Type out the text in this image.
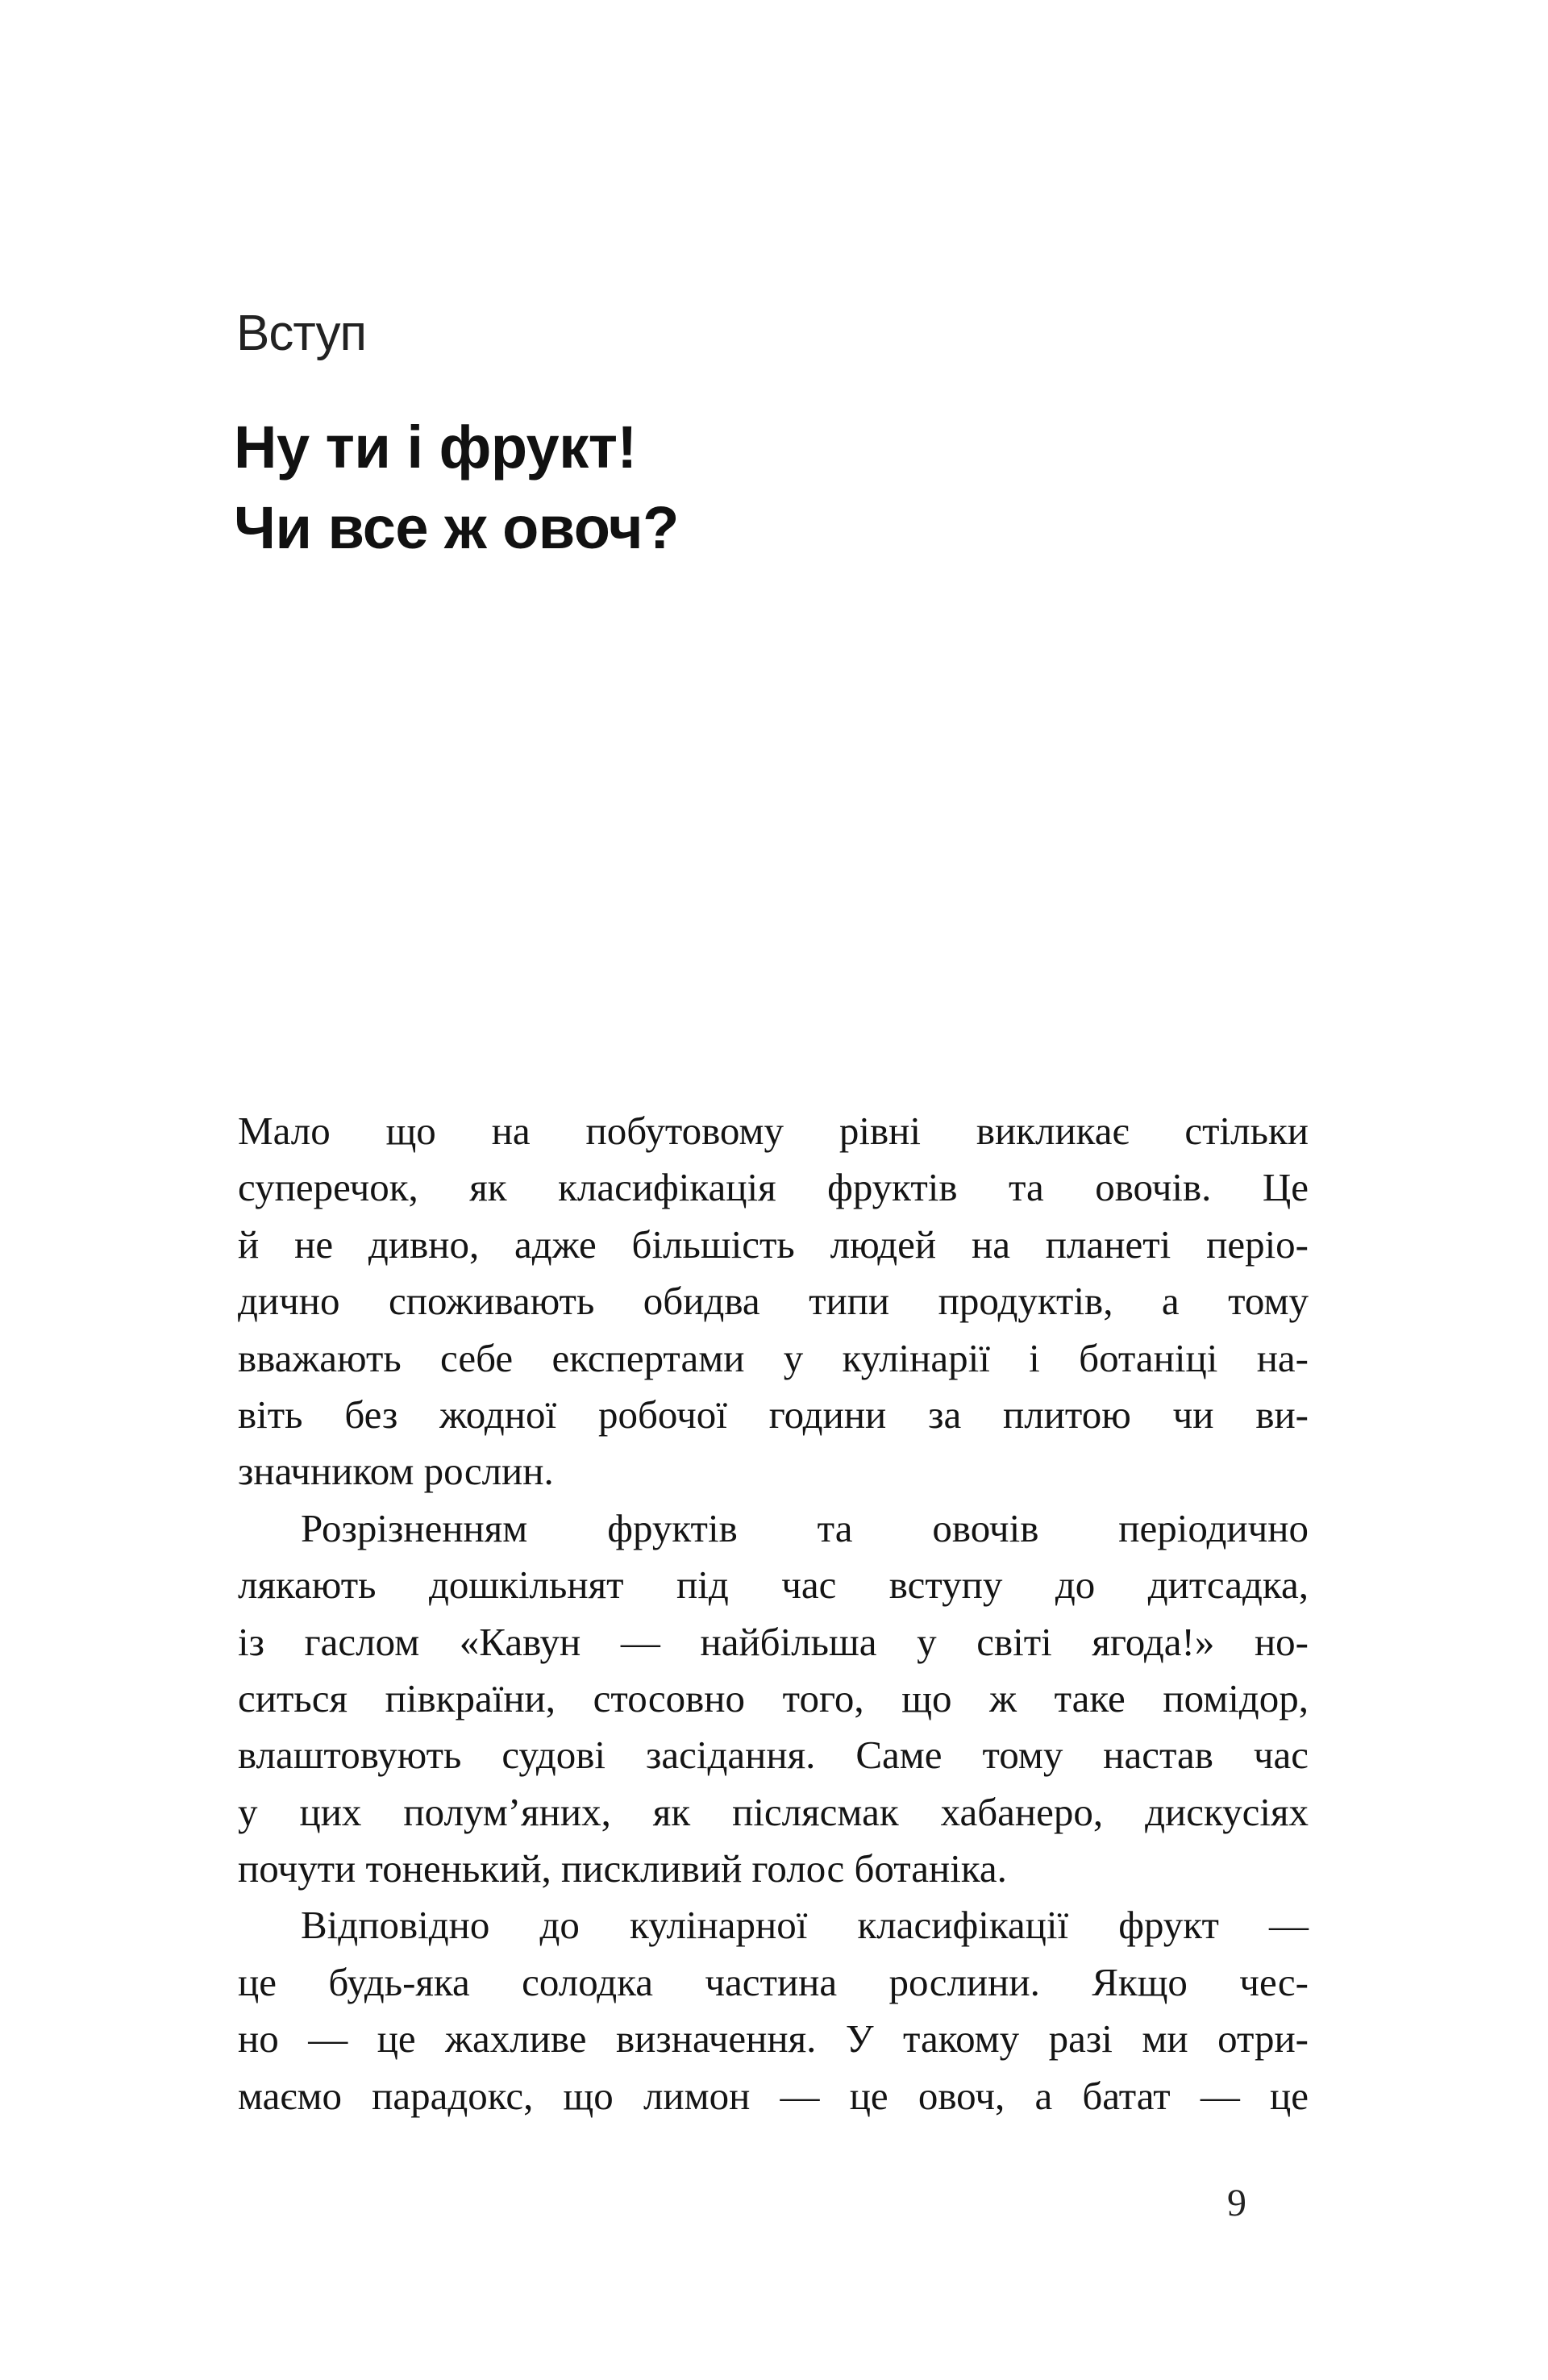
Вступ
Ну ти і фрукт!
Чи все ж овоч?
Мало що на побутовому рівні викликає стільки
суперечок, як класифікація фруктів та овочів. Це
й не дивно, адже більшість людей на планеті періо-
дично споживають обидва типи продуктів, а тому
вважають себе експертами у кулінарії і ботаніці на-
віть без жодної робочої години за плитою чи ви-
значником рослин.
Розрізненням фруктів та овочів періодично
лякають дошкільнят під час вступу до дитсадка,
із гаслом «Кавун — найбільша у світі ягода!» но-
ситься півкраїни, стосовно того, що ж таке помідор,
влаштовують судові засідання. Саме тому настав час
у цих полум’яних, як післясмак хабанеро, дискусіях
почути тоненький, пискливий голос ботаніка.
Відповідно до кулінарної класифікації фрукт —
це будь-яка солодка частина рослини. Якщо чес-
но — це жахливе визначення. У такому разі ми отри-
маємо парадокс, що лимон — це овоч, а батат — це
9
